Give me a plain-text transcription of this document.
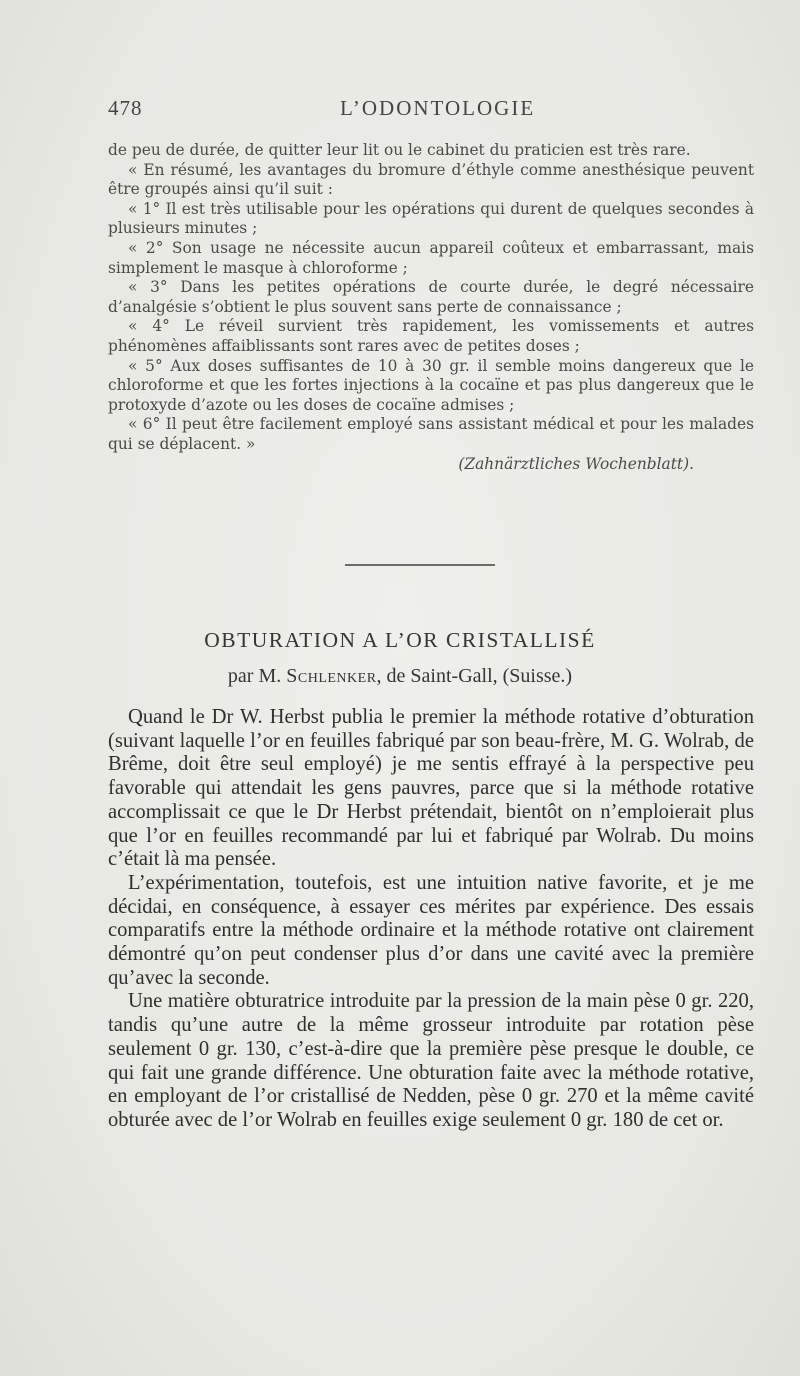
478	L’ODONTOLOGIE

de peu de durée, de quitter leur lit ou le cabinet du praticien est très rare.

« En résumé, les avantages du bromure d’éthyle comme anesthésique peuvent être groupés ainsi qu’il suit :

« 1° Il est très utilisable pour les opérations qui durent de quelques secondes à plusieurs minutes ;

« 2° Son usage ne nécessite aucun appareil coûteux et embarrassant, mais simplement le masque à chloroforme ;

« 3° Dans les petites opérations de courte durée, le degré nécessaire d’analgésie s’obtient le plus souvent sans perte de connaissance ;

« 4° Le réveil survient très rapidement, les vomissements et autres phénomènes affaiblissants sont rares avec de petites doses ;

« 5° Aux doses suffisantes de 10 à 30 gr. il semble moins dangereux que le chloroforme et que les fortes injections à la cocaïne et pas plus dangereux que le protoxyde d’azote ou les doses de cocaïne admises ;

« 6° Il peut être facilement employé sans assistant médical et pour les malades qui se déplacent. »

(Zahnärztliches Wochenblatt).

OBTURATION A L’OR CRISTALLISÉ
par M. Schlenker, de Saint-Gall, (Suisse.)

Quand le Dr W. Herbst publia le premier la méthode rotative d’obturation (suivant laquelle l’or en feuilles fabriqué par son beau-frère, M. G. Wolrab, de Brême, doit être seul employé) je me sentis effrayé à la perspective peu favorable qui attendait les gens pauvres, parce que si la méthode rotative accomplissait ce que le Dr Herbst prétendait, bientôt on n’emploierait plus que l’or en feuilles recommandé par lui et fabriqué par Wolrab. Du moins c’était là ma pensée.

L’expérimentation, toutefois, est une intuition native favorite, et je me décidai, en conséquence, à essayer ces mérites par expérience. Des essais comparatifs entre la méthode ordinaire et la méthode rotative ont clairement démontré qu’on peut condenser plus d’or dans une cavité avec la première qu’avec la seconde.

Une matière obturatrice introduite par la pression de la main pèse 0 gr. 220, tandis qu’une autre de la même grosseur introduite par rotation pèse seulement 0 gr. 130, c’est-à-dire que la première pèse presque le double, ce qui fait une grande différence. Une obturation faite avec la méthode rotative, en employant de l’or cristallisé de Nedden, pèse 0 gr. 270 et la même cavité obturée avec de l’or Wolrab en feuilles exige seulement 0 gr. 180 de cet or.
